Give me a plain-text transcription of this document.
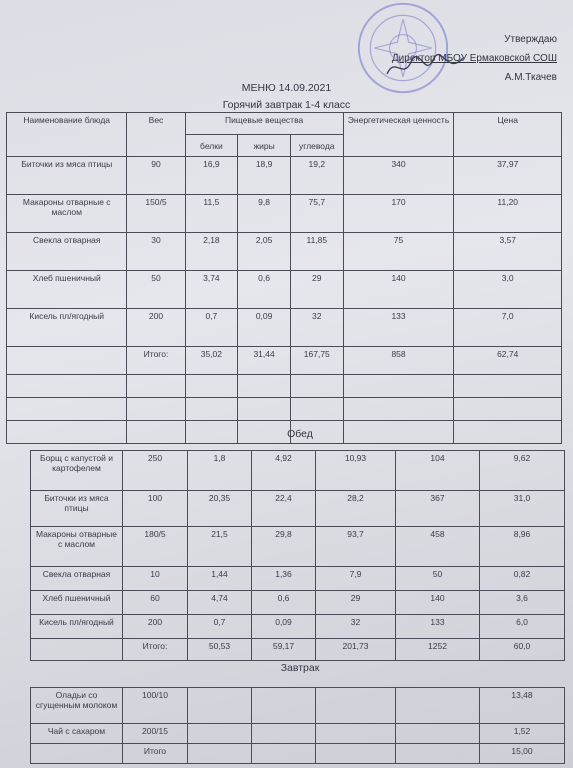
Утверждаю
Директор МБОУ Ермаковской СОШ
А.М.Ткачев
МЕНЮ 14.09.2021
Горячий завтрак 1-4 класс
Наименование блюда	Вес	Пищевые вещества			Энергетическая ценность	Цена
		белки	жиры	углевода		
Биточки из мяса птицы	90	16,9	18,9	19,2	340	37,97
Макароны отварные с маслом	150/5	11,5	9,8	75,7	170	11,20
Свекла отварная	30	2,18	2,05	11,85	75	3,57
Хлеб пшеничный	50	3,74	0,6	29	140	3,0
Кисель пл/ягодный	200	0,7	0,09	32	133	7,0
	Итого:	35,02	31,44	167,75	858	62,74

Обед
Борщ с капустой и картофелем	250	1,8	4,92	10,93	104	9,62
Биточки из мяса птицы	100	20,35	22,4	28,2	367	31,0
Макароны отварные с маслом	180/5	21,5	29,8	93,7	458	8,96
Свекла отварная	10	1,44	1,36	7,9	50	0,82
Хлеб пшеничный	60	4,74	0,6	29	140	3,6
Кисель пл/ягодный	200	0,7	0,09	32	133	6,0
	Итого:	50,53	59,17	201,73	1252	60,0
Завтрак
Оладьи со сгущенным молоком	100/10					13,48
Чай с сахаром	200/15					1,52
	Итого					15,00
